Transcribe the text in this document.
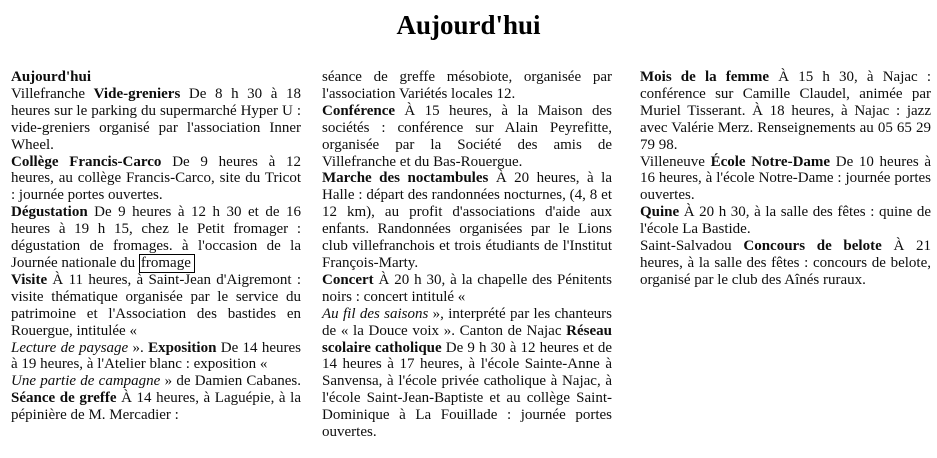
Aujourd'hui
Aujourd'hui
Villefranche Vide-greniers De 8 h 30 à 18 heures sur le parking du supermarché Hyper U : vide-greniers organisé par l'association Inner Wheel.
Collège Francis-Carco De 9 heures à 12 heures, au collège Francis-Carco, site du Tricot : journée portes ouvertes.
Dégustation De 9 heures à 12 h 30 et de 16 heures à 19 h 15, chez le Petit fromager : dégustation de fromages. à l'occasion de la Journée nationale du fromage
Visite À 11 heures, à Saint-Jean d'Aigremont : visite thématique organisée par le service du patrimoine et l'Association des bastides en Rouergue, intitulée «
Lecture de paysage ». Exposition De 14 heures à 19 heures, à l'Atelier blanc : exposition «
Une partie de campagne » de Damien Cabanes. Séance de greffe À 14 heures, à Laguépie, à la pépinière de M. Mercadier :
séance de greffe mésobiote, organisée par l'association Variétés locales 12.
Conférence À 15 heures, à la Maison des sociétés : conférence sur Alain Peyrefitte, organisée par la Société des amis de Villefranche et du Bas-Rouergue.
Marche des noctambules À 20 heures, à la Halle : départ des randonnées nocturnes, (4, 8 et 12 km), au profit d'associations d'aide aux enfants. Randonnées organisées par le Lions club villefranchois et trois étudiants de l'Institut François-Marty.
Concert À 20 h 30, à la chapelle des Pénitents noirs : concert intitulé «
Au fil des saisons », interprété par les chanteurs de « la Douce voix ». Canton de Najac Réseau scolaire catholique De 9 h 30 à 12 heures et de 14 heures à 17 heures, à l'école Sainte-Anne à Sanvensa, à l'école privée catholique à Najac, à l'école Saint-Jean-Baptiste et au collège Saint-Dominique à La Fouillade : journée portes ouvertes.
Mois de la femme À 15 h 30, à Najac : conférence sur Camille Claudel, animée par Muriel Tisserant. À 18 heures, à Najac : jazz avec Valérie Merz. Renseignements au 05 65 29 79 98.
Villeneuve École Notre-Dame De 10 heures à 16 heures, à l'école Notre-Dame : journée portes ouvertes.
Quine À 20 h 30, à la salle des fêtes : quine de l'école La Bastide.
Saint-Salvadou Concours de belote À 21 heures, à la salle des fêtes : concours de belote, organisé par le club des Aînés ruraux.
